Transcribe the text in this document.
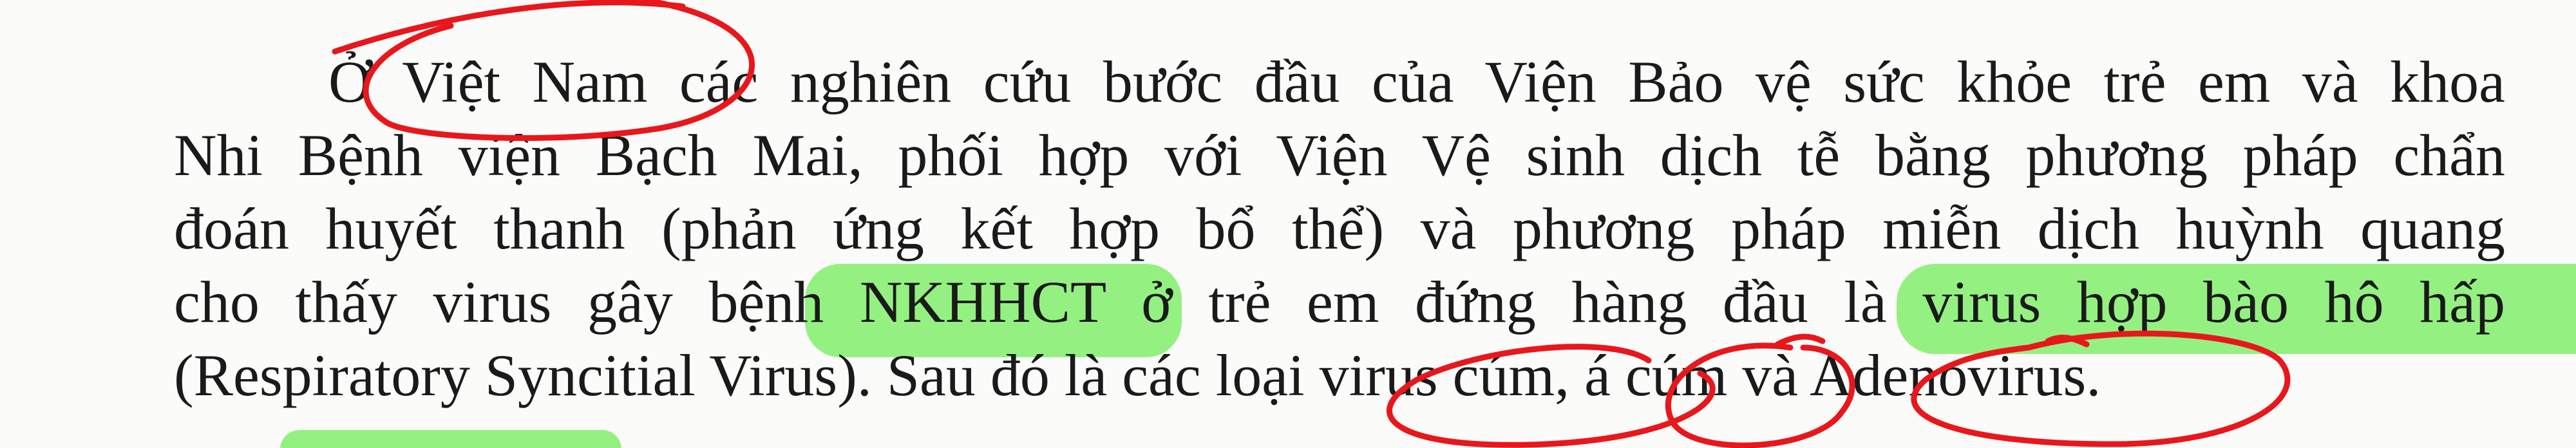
Ở Việt Nam các nghiên cứu bước đầu của Viện Bảo vệ sức khỏe trẻ em và khoa
Nhi Bệnh viện Bạch Mai, phối hợp với Viện Vệ sinh dịch tễ bằng phương pháp chẩn
đoán huyết thanh (phản ứng kết hợp bổ thể) và phương pháp miễn dịch huỳnh quang
cho thấy virus gây bệnh NKHHCT ở trẻ em đứng hàng đầu là virus hợp bào hô hấp
(Respiratory Syncitial Virus). Sau đó là các loại virus cúm, á cúm và Adenovirus.
